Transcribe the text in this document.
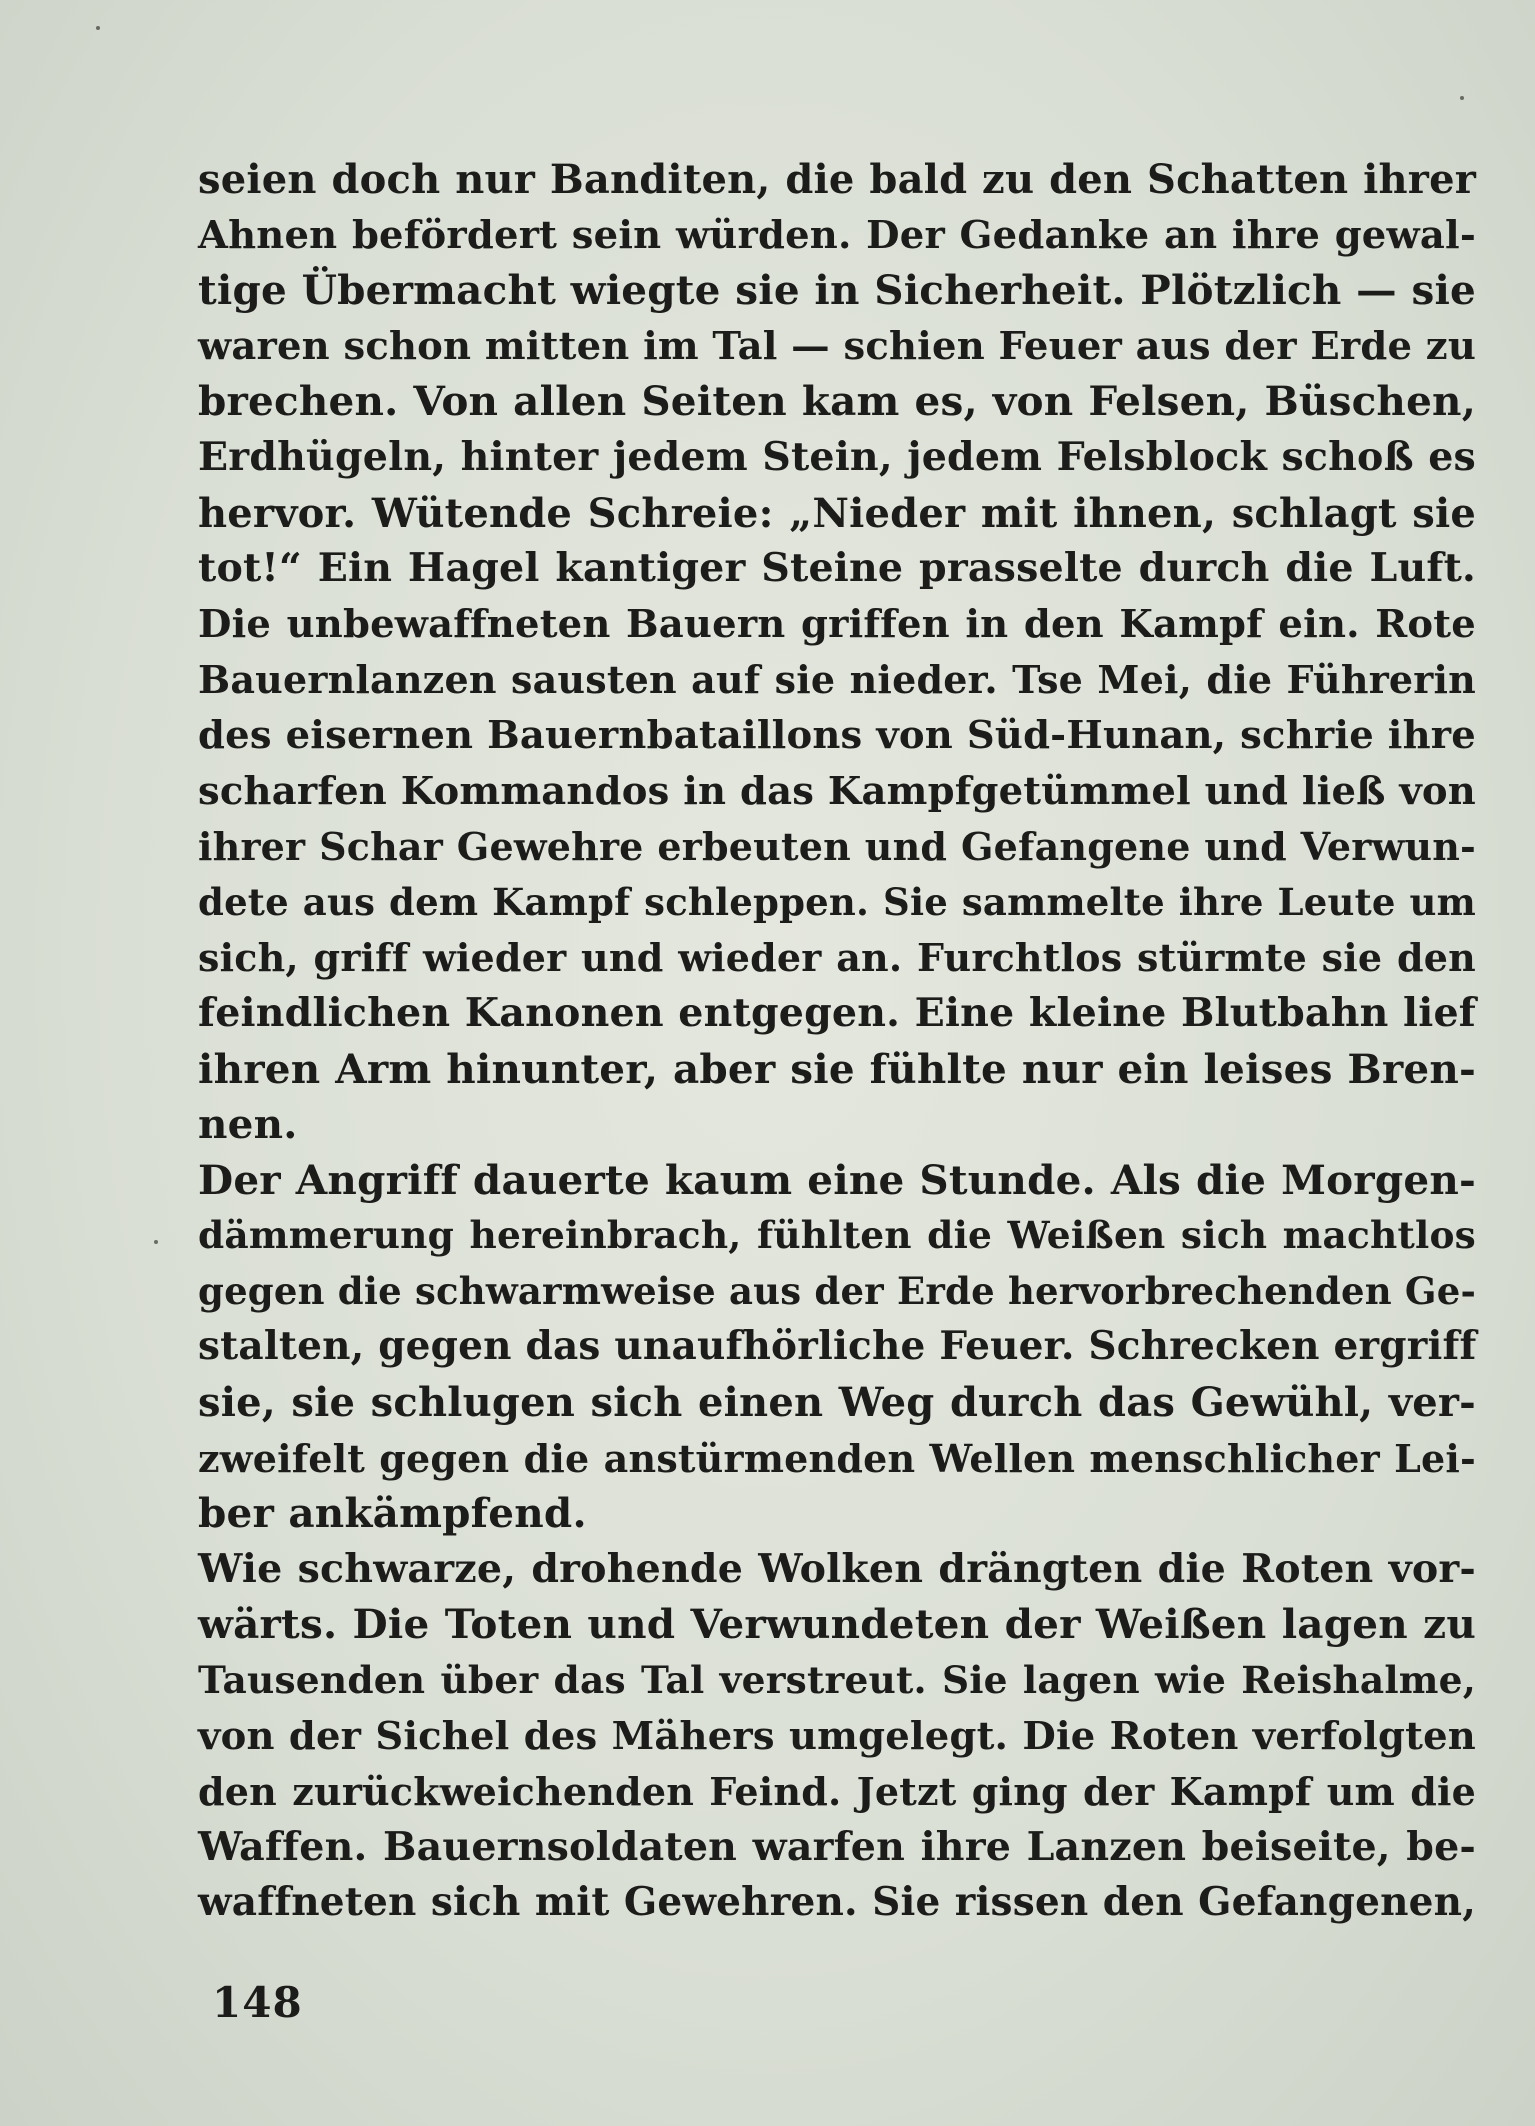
seien doch nur Banditen, die bald zu den Schatten ihrer
Ahnen befördert sein würden. Der Gedanke an ihre gewal-
tige Übermacht wiegte sie in Sicherheit. Plötzlich — sie
waren schon mitten im Tal — schien Feuer aus der Erde zu
brechen. Von allen Seiten kam es, von Felsen, Büschen,
Erdhügeln, hinter jedem Stein, jedem Felsblock schoß es
hervor. Wütende Schreie: „Nieder mit ihnen, schlagt sie
tot!“ Ein Hagel kantiger Steine prasselte durch die Luft.
Die unbewaffneten Bauern griffen in den Kampf ein. Rote
Bauernlanzen sausten auf sie nieder. Tse Mei, die Führerin
des eisernen Bauernbataillons von Süd-Hunan, schrie ihre
scharfen Kommandos in das Kampfgetümmel und ließ von
ihrer Schar Gewehre erbeuten und Gefangene und Verwun-
dete aus dem Kampf schleppen. Sie sammelte ihre Leute um
sich, griff wieder und wieder an. Furchtlos stürmte sie den
feindlichen Kanonen entgegen. Eine kleine Blutbahn lief
ihren Arm hinunter, aber sie fühlte nur ein leises Bren-
nen.
Der Angriff dauerte kaum eine Stunde. Als die Morgen-
dämmerung hereinbrach, fühlten die Weißen sich machtlos
gegen die schwarmweise aus der Erde hervorbrechenden Ge-
stalten, gegen das unaufhörliche Feuer. Schrecken ergriff
sie, sie schlugen sich einen Weg durch das Gewühl, ver-
zweifelt gegen die anstürmenden Wellen menschlicher Lei-
ber ankämpfend.
Wie schwarze, drohende Wolken drängten die Roten vor-
wärts. Die Toten und Verwundeten der Weißen lagen zu
Tausenden über das Tal verstreut. Sie lagen wie Reishalme,
von der Sichel des Mähers umgelegt. Die Roten verfolgten
den zurückweichenden Feind. Jetzt ging der Kampf um die
Waffen. Bauernsoldaten warfen ihre Lanzen beiseite, be-
waffneten sich mit Gewehren. Sie rissen den Gefangenen,
148
